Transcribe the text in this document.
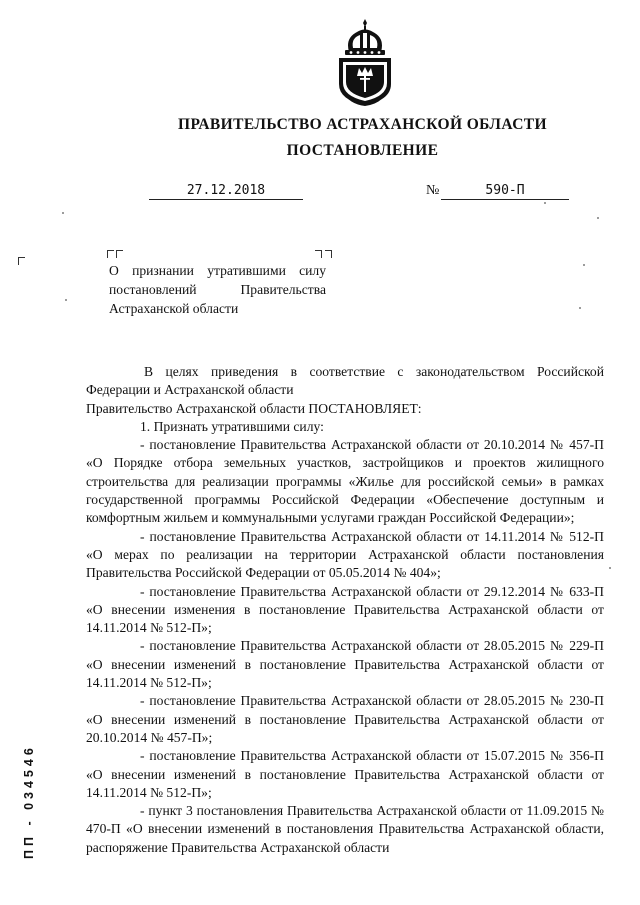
ПРАВИТЕЛЬСТВО АСТРАХАНСКОЙ ОБЛАСТИ
ПОСТАНОВЛЕНИЕ
27.12.2018	№	590-П
О признании утратившими силу
постановлений Правительства
Астраханской области

В целях приведения в соответствие с законодательством Российской Федерации и Астраханской области

Правительство Астраханской области ПОСТАНОВЛЯЕТ:

1. Признать утратившими силу:

- постановление Правительства Астраханской области от 20.10.2014 № 457-П «О Порядке отбора земельных участков, застройщиков и проектов жилищного строительства для реализации программы «Жилье для российской семьи» в рамках государственной программы Российской Федерации «Обеспечение доступным и комфортным жильем и коммунальными услугами граждан Российской Федерации»;

- постановление Правительства Астраханской области от 14.11.2014 № 512-П «О мерах по реализации на территории Астраханской области постановления Правительства Российской Федерации от 05.05.2014 № 404»;

- постановление Правительства Астраханской области от 29.12.2014 № 633-П «О внесении изменения в постановление Правительства Астраханской области от 14.11.2014 № 512-П»;

- постановление Правительства Астраханской области от 28.05.2015 № 229-П «О внесении изменений в постановление Правительства Астраханской области от 14.11.2014 № 512-П»;

- постановление Правительства Астраханской области от 28.05.2015 № 230-П «О внесении изменений в постановление Правительства Астраханской области от 20.10.2014 № 457-П»;

- постановление Правительства Астраханской области от 15.07.2015 № 356-П «О внесении изменений в постановление Правительства Астраханской области от 14.11.2014 № 512-П»;

- пункт 3 постановления Правительства Астраханской области от 11.09.2015 № 470-П «О внесении изменений в постановления Правительства Астраханской области, распоряжение Правительства Астраханской области

ПП - 034546
